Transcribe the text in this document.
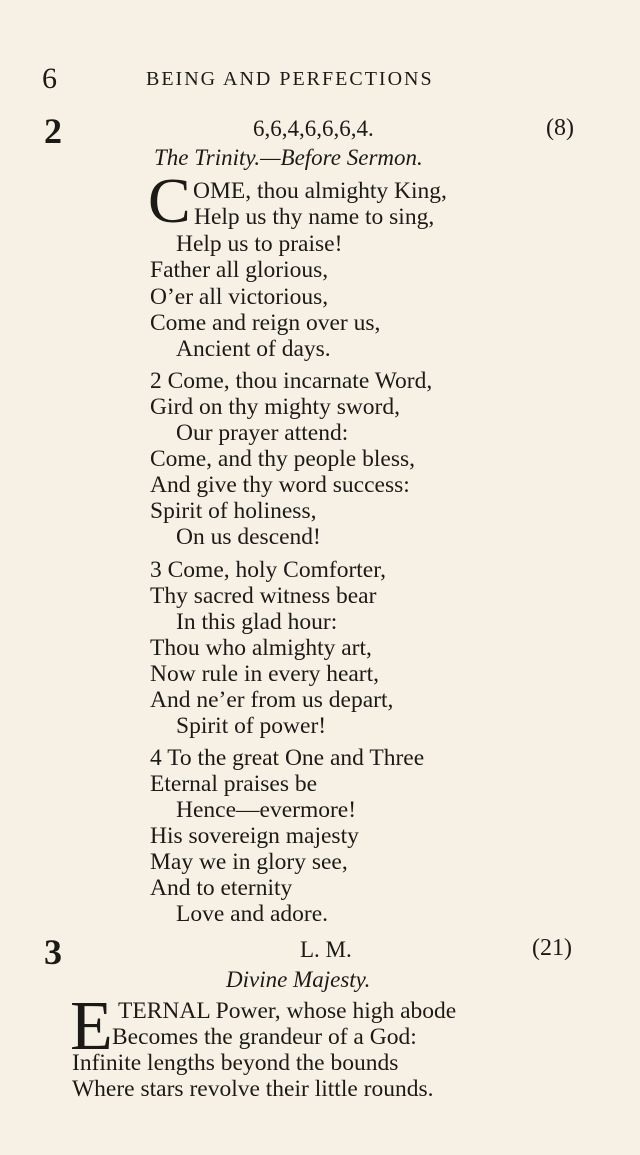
6	BEING AND PERFECTIONS
2	6,6,4,6,6,6,4.	(8)
The Trinity.—Before Sermon.
C OME, thou almighty King,
Help us thy name to sing,
Help us to praise!
Father all glorious,
O’er all victorious,
Come and reign over us,
Ancient of days.
2 Come, thou incarnate Word,
Gird on thy mighty sword,
Our prayer attend:
Come, and thy people bless,
And give thy word success:
Spirit of holiness,
On us descend!
3 Come, holy Comforter,
Thy sacred witness bear
In this glad hour:
Thou who almighty art,
Now rule in every heart,
And ne’er from us depart,
Spirit of power!
4 To the great One and Three
Eternal praises be
Hence—evermore!
His sovereign majesty
May we in glory see,
And to eternity
Love and adore.
3	L. M.	(21)
Divine Majesty.
E TERNAL Power, whose high abode
Becomes the grandeur of a God:
Infinite lengths beyond the bounds
Where stars revolve their little rounds.
